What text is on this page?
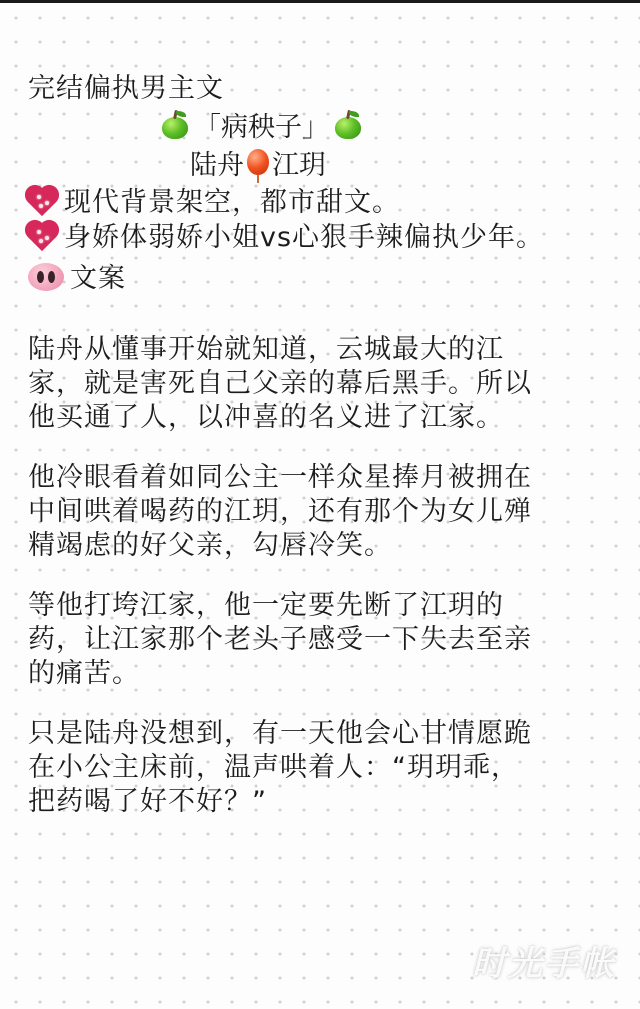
完结偏执男主文
「病秧子」
陆舟 江玥
现代背景架空，都市甜文。
身娇体弱娇小姐vs心狠手辣偏执少年。
文案
陆舟从懂事开始就知道，云城最大的江
家，就是害死自己父亲的幕后黑手。所以
他买通了人，以冲喜的名义进了江家。
他冷眼看着如同公主一样众星捧月被拥在
中间哄着喝药的江玥，还有那个为女儿殚
精竭虑的好父亲，勾唇冷笑。
等他打垮江家，他一定要先断了江玥的
药，让江家那个老头子感受一下失去至亲
的痛苦。
只是陆舟没想到，有一天他会心甘情愿跪
在小公主床前，温声哄着人：“玥玥乖，
把药喝了好不好？”
时光手帐
